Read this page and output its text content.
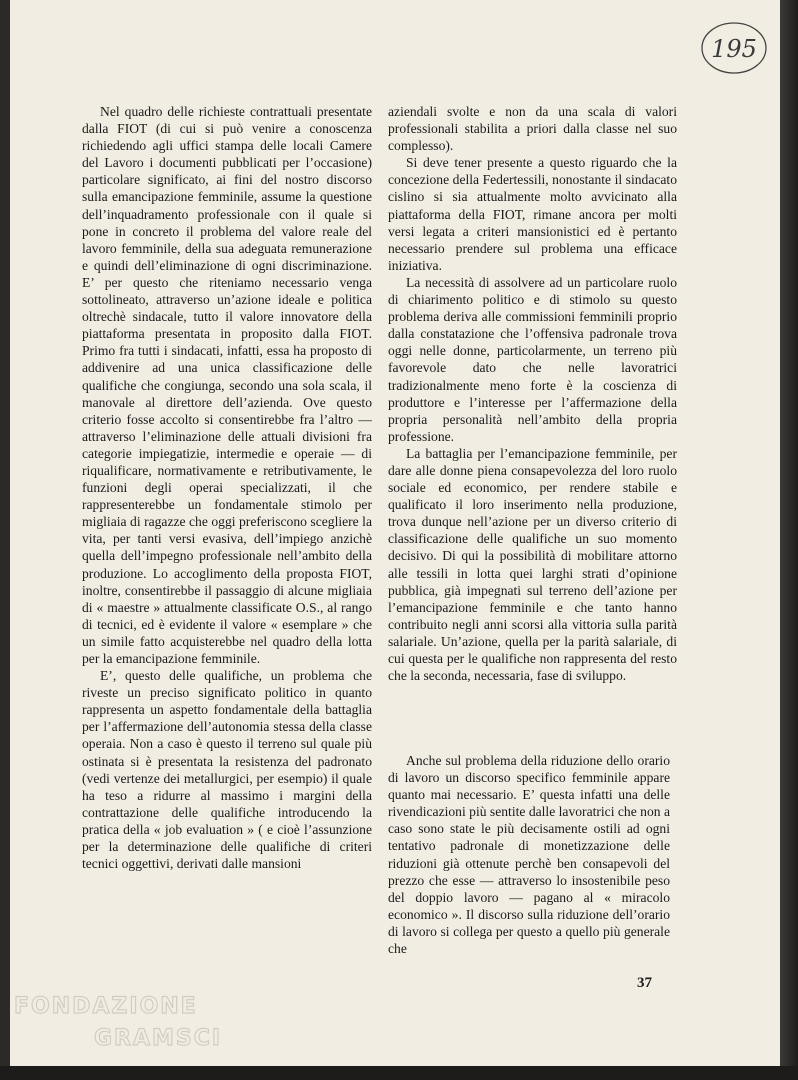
195

Nel quadro delle richieste contrattuali presentate dalla FIOT (di cui si può venire a conoscenza richiedendo agli uffici stampa delle locali Camere del Lavoro i documenti pubblicati per l’occasione) particolare significato, ai fini del nostro discorso sulla emancipazione femminile, assume la questione dell’inquadramento professionale con il quale si pone in concreto il problema del valore reale del lavoro femminile, della sua adeguata remunerazione e quindi dell’eliminazione di ogni discriminazione. E’ per questo che riteniamo necessario venga sottolineato, attraverso un’azione ideale e politica oltrechè sindacale, tutto il valore innovatore della piattaforma presentata in proposito dalla FIOT. Primo fra tutti i sindacati, infatti, essa ha proposto di addivenire ad una unica classificazione delle qualifiche che congiunga, secondo una sola scala, il manovale al direttore dell’azienda. Ove questo criterio fosse accolto si consentirebbe fra l’altro — attraverso l’eliminazione delle attuali divisioni fra categorie impiegatizie, intermedie e operaie — di riqualificare, normativamente e retributivamente, le funzioni degli operai specializzati, il che rappresenterebbe un fondamentale stimolo per migliaia di ragazze che oggi preferiscono scegliere la vita, per tanti versi evasiva, dell’impiego anzichè quella dell’impegno professionale nell’ambito della produzione. Lo accoglimento della proposta FIOT, inoltre, consentirebbe il passaggio di alcune migliaia di « maestre » attualmente classificate O.S., al rango di tecnici, ed è evidente il valore « esemplare » che un simile fatto acquisterebbe nel quadro della lotta per la emancipazione femminile.

E’, questo delle qualifiche, un problema che riveste un preciso significato politico in quanto rappresenta un aspetto fondamentale della battaglia per l’affermazione dell’autonomia stessa della classe operaia. Non a caso è questo il terreno sul quale più ostinata si è presentata la resistenza del padronato (vedi vertenze dei metallurgici, per esempio) il quale ha teso a ridurre al massimo i margini della contrattazione delle qualifiche introducendo la pratica della « job evaluation » ( e cioè l’assunzione per la determinazione delle qualifiche di criteri tecnici oggettivi, derivati dalle mansioni

aziendali svolte e non da una scala di valori professionali stabilita a priori dalla classe nel suo complesso).

Si deve tener presente a questo riguardo che la concezione della Federtessili, nonostante il sindacato cislino si sia attualmente molto avvicinato alla piattaforma della FIOT, rimane ancora per molti versi legata a criteri mansionistici ed è pertanto necessario prendere sul problema una efficace iniziativa.

La necessità di assolvere ad un particolare ruolo di chiarimento politico e di stimolo su questo problema deriva alle commissioni femminili proprio dalla constatazione che l’offensiva padronale trova oggi nelle donne, particolarmente, un terreno più favorevole dato che nelle lavoratrici tradizionalmente meno forte è la coscienza di produttore e l’interesse per l’affermazione della propria personalità nell’ambito della propria professione.

La battaglia per l’emancipazione femminile, per dare alle donne piena consapevolezza del loro ruolo sociale ed economico, per rendere stabile e qualificato il loro inserimento nella produzione, trova dunque nell’azione per un diverso criterio di classificazione delle qualifiche un suo momento decisivo. Di qui la possibilità di mobilitare attorno alle tessili in lotta quei larghi strati d’opinione pubblica, già impegnati sul terreno dell’azione per l’emancipazione femminile e che tanto hanno contribuito negli anni scorsi alla vittoria sulla parità salariale. Un’azione, quella per la parità salariale, di cui questa per le qualifiche non rappresenta del resto che la seconda, necessaria, fase di sviluppo.

Anche sul problema della riduzione dello orario di lavoro un discorso specifico femminile appare quanto mai necessario. E’ questa infatti una delle rivendicazioni più sentite dalle lavoratrici che non a caso sono state le più decisamente ostili ad ogni tentativo padronale di monetizzazione delle riduzioni già ottenute perchè ben consapevoli del prezzo che esse — attraverso lo insostenibile peso del doppio lavoro — pagano al « miracolo economico ». Il discorso sulla riduzione dell’orario di lavoro si collega per questo a quello più generale che

37
FONDAZIONE
GRAMSCI
